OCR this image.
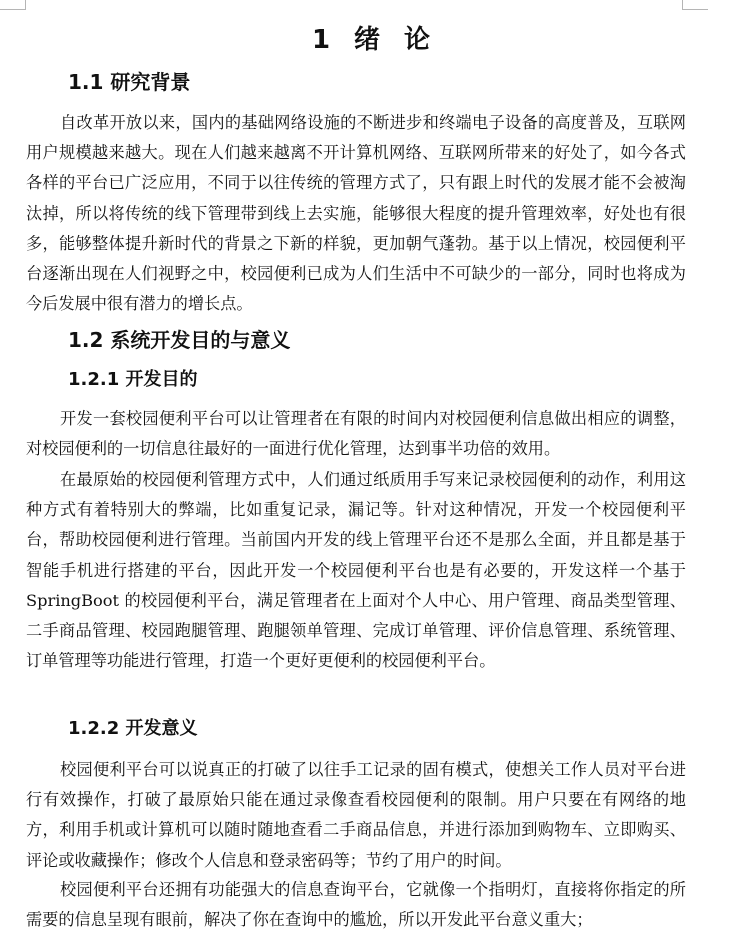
1 绪 论
1.1 研究背景

自改革开放以来，国内的基础网络设施的不断进步和终端电子设备的高度普及，互联网用户规模越来越大。现在人们越来越离不开计算机网络、互联网所带来的好处了，如今各式各样的平台已广泛应用，不同于以往传统的管理方式了，只有跟上时代的发展才能不会被淘汰掉，所以将传统的线下管理带到线上去实施，能够很大程度的提升管理效率，好处也有很多，能够整体提升新时代的背景之下新的样貌，更加朝气蓬勃。基于以上情况，校园便利平台逐渐出现在人们视野之中，校园便利已成为人们生活中不可缺少的一部分，同时也将成为今后发展中很有潜力的增长点。

1.2 系统开发目的与意义
1.2.1 开发目的

开发一套校园便利平台可以让管理者在有限的时间内对校园便利信息做出相应的调整，对校园便利的一切信息往最好的一面进行优化管理，达到事半功倍的效用。

在最原始的校园便利管理方式中，人们通过纸质用手写来记录校园便利的动作，利用这种方式有着特别大的弊端，比如重复记录，漏记等。针对这种情况，开发一个校园便利平台，帮助校园便利进行管理。当前国内开发的线上管理平台还不是那么全面，并且都是基于智能手机进行搭建的平台，因此开发一个校园便利平台也是有必要的，开发这样一个基于 SpringBoot 的校园便利平台，满足管理者在上面对个人中心、用户管理、商品类型管理、二手商品管理、校园跑腿管理、跑腿领单管理、完成订单管理、评价信息管理、系统管理、订单管理等功能进行管理，打造一个更好更便利的校园便利平台。

1.2.2 开发意义

校园便利平台可以说真正的打破了以往手工记录的固有模式，使想关工作人员对平台进行有效操作，打破了最原始只能在通过录像查看校园便利的限制。用户只要在有网络的地方，利用手机或计算机可以随时随地查看二手商品信息，并进行添加到购物车、立即购买、评论或收藏操作；修改个人信息和登录密码等；节约了用户的时间。

校园便利平台还拥有功能强大的信息查询平台，它就像一个指明灯，直接将你指定的所需要的信息呈现有眼前，解决了你在查询中的尴尬，所以开发此平台意义重大；
